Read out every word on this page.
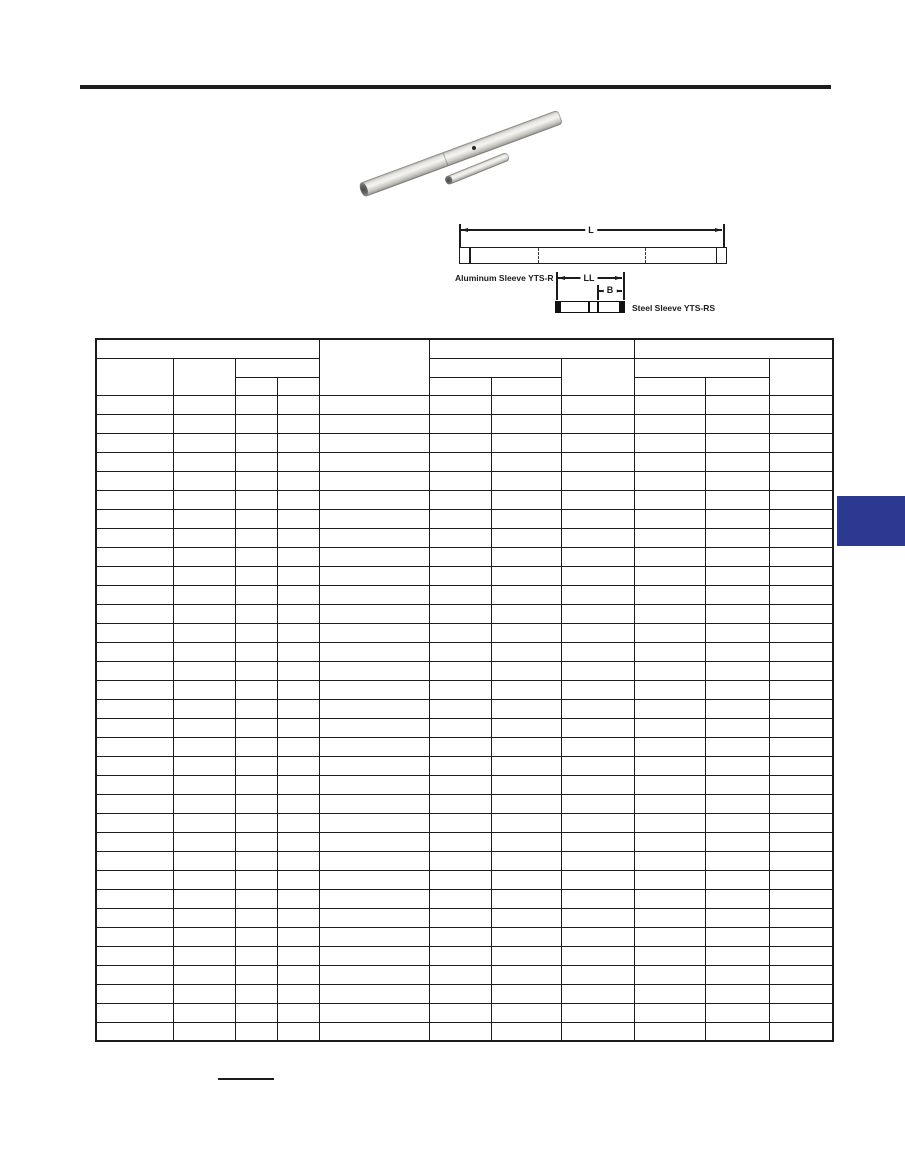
L
Aluminum Sleeve YTS-R	LL
B
Steel Sleeve YTS-RS
